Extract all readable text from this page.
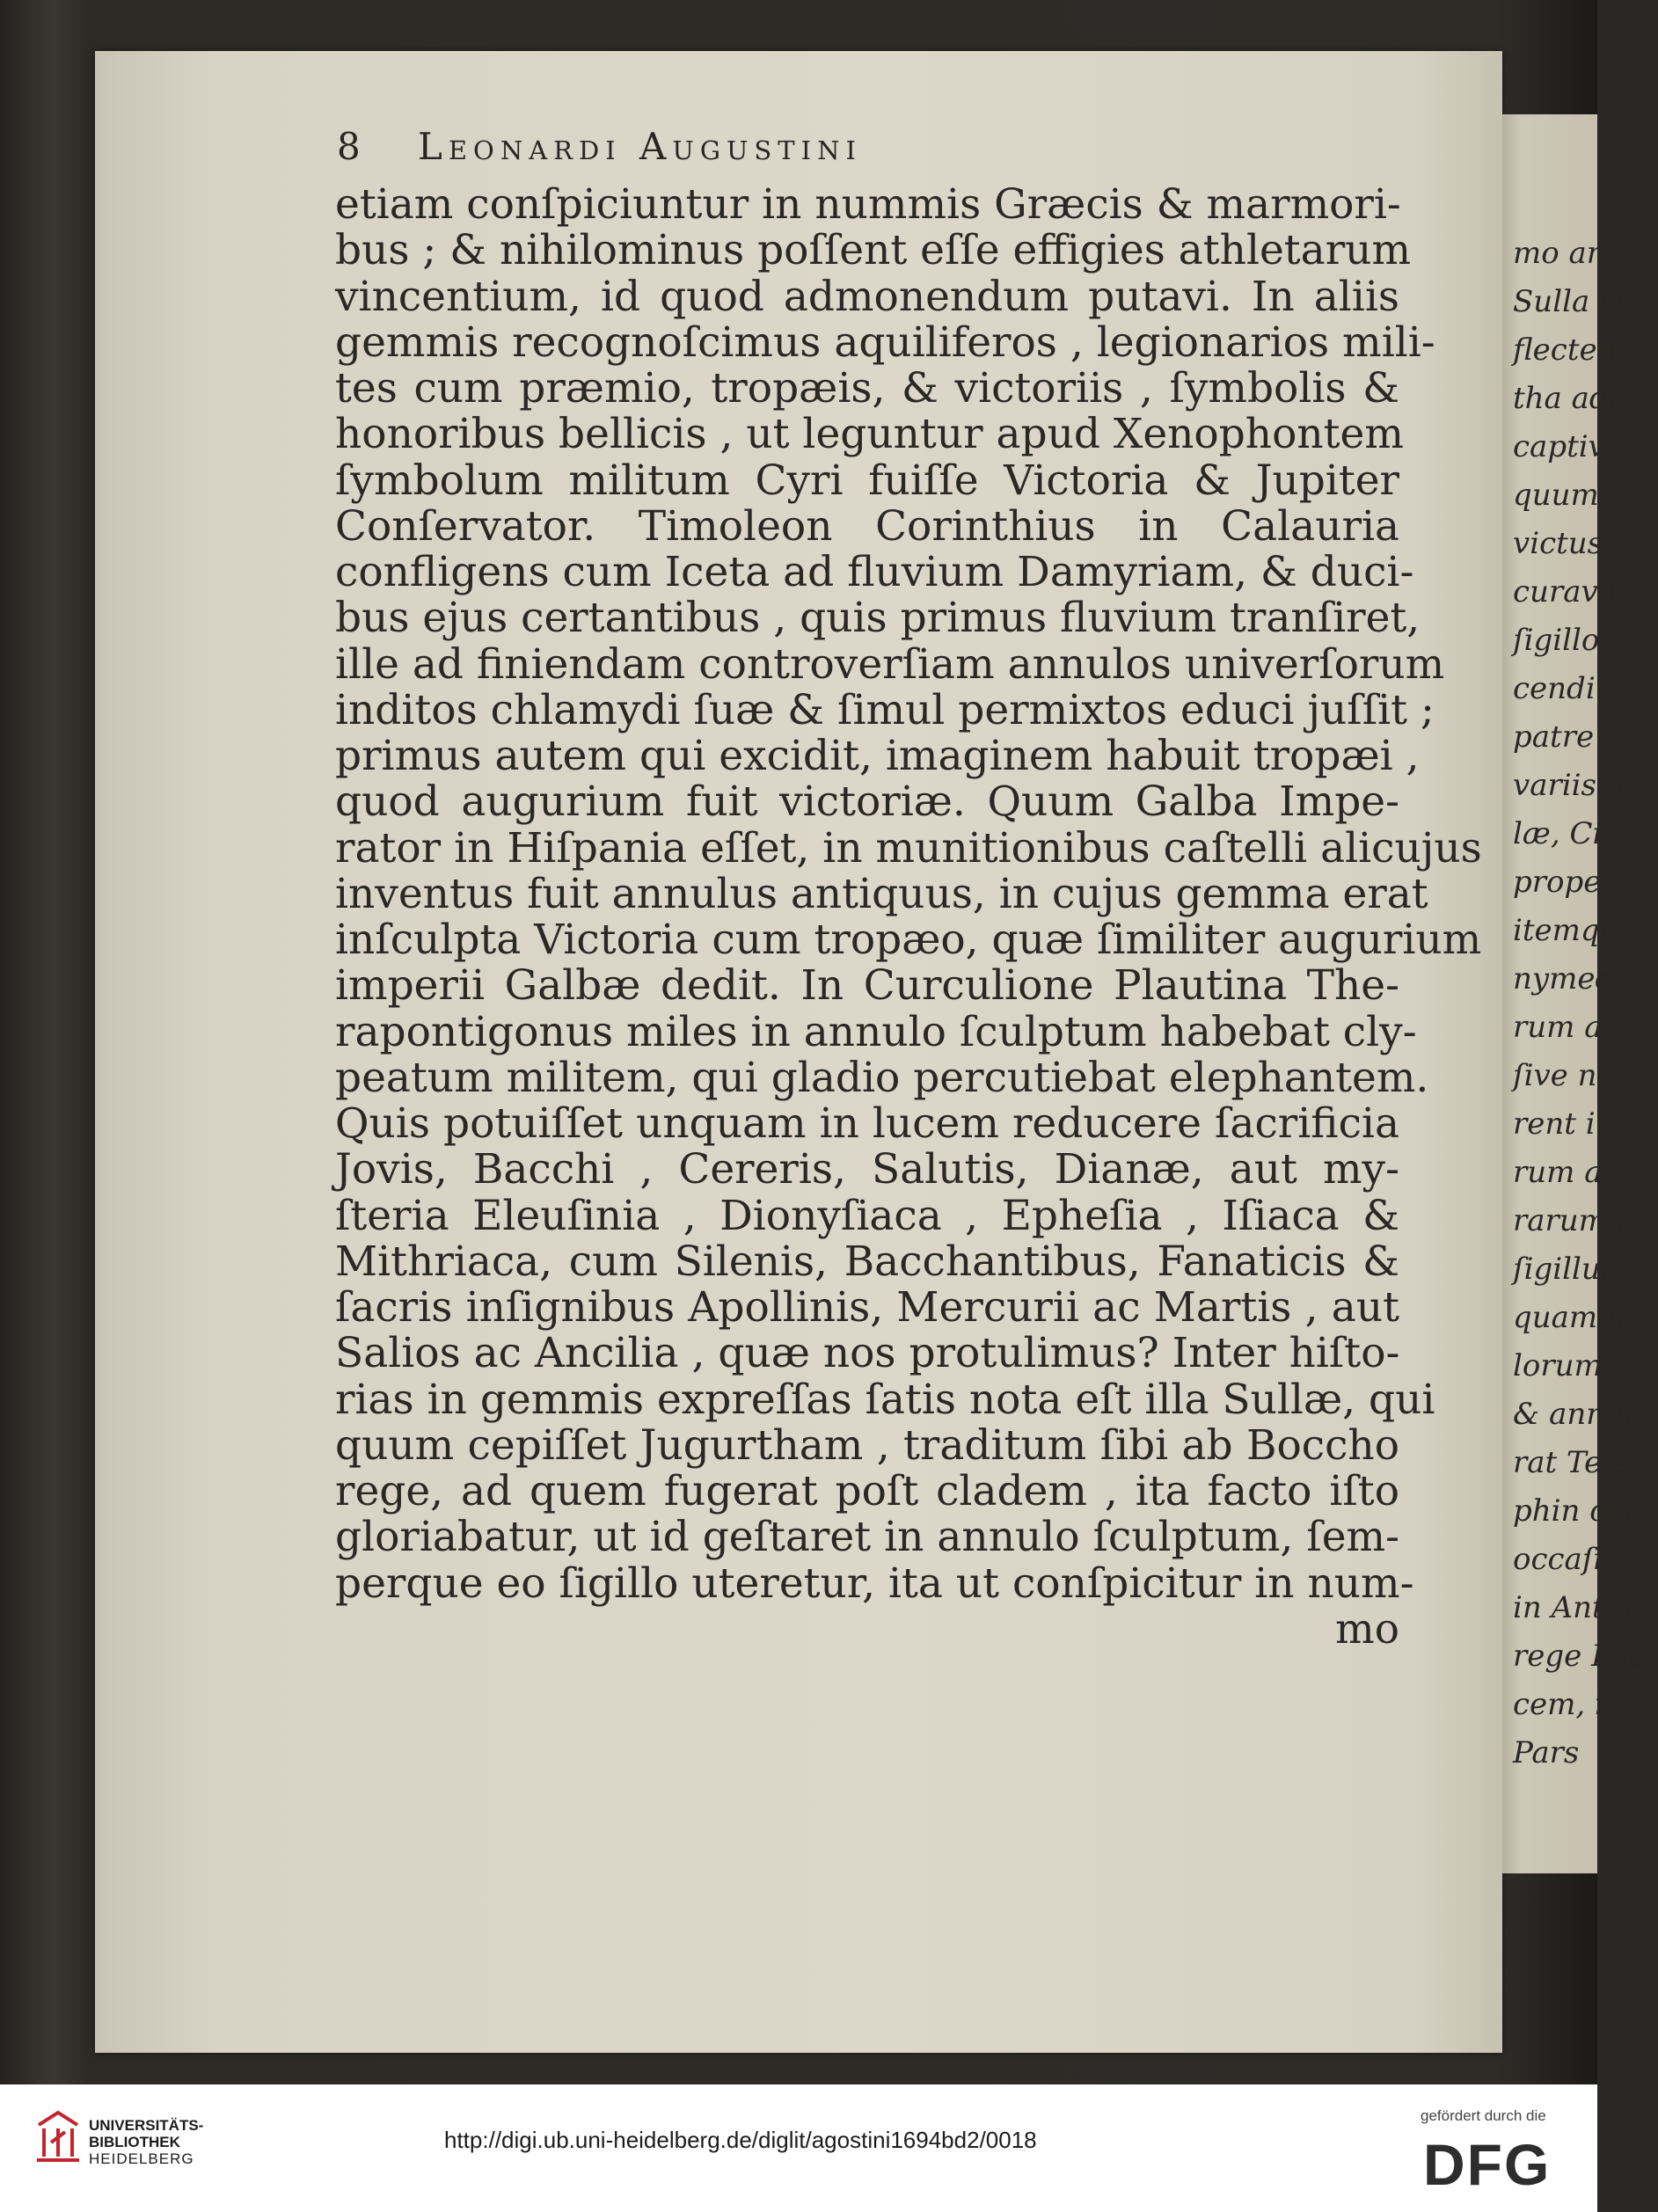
mo arg
Sulla Q
flectens
tha adl
captivi.
quum
victus f
curavit
ſigillo
cendiq
patre ej
variis m
læ, Ci
prope t
itemque
nymede
rum adſ
ſive natu
rent int
rum auc
rarum i
ſigillum
quam in
lorum,
& annul
rat Tele
phin occ
occaſione
in Antiq
rege Lac
cem, in
Pars
8 Leonardi Augustini
etiam conſpiciuntur in nummis Græcis & marmori-
bus ; & nihilominus poſſent eſſe effigies athletarum
vincentium, id quod admonendum putavi. In aliis
gemmis recognoſcimus aquiliferos , legionarios mili-
tes cum præmio, tropæis, & victoriis , ſymbolis &
honoribus bellicis , ut leguntur apud Xenophontem
ſymbolum militum Cyri fuiſſe Victoria & Jupiter
Conſervator. Timoleon Corinthius in Calauria
confligens cum Iceta ad fluvium Damyriam, & duci-
bus ejus certantibus , quis primus fluvium tranſiret,
ille ad finiendam controverſiam annulos univerſorum
inditos chlamydi ſuæ & ſimul permixtos educi juſſit ;
primus autem qui excidit, imaginem habuit tropæi ,
quod augurium fuit victoriæ. Quum Galba Impe-
rator in Hiſpania eſſet, in munitionibus caſtelli alicujus
inventus fuit annulus antiquus, in cujus gemma erat
inſculpta Victoria cum tropæo, quæ ſimiliter augurium
imperii Galbæ dedit. In Curculione Plautina The-
rapontigonus miles in annulo ſculptum habebat cly-
peatum militem, qui gladio percutiebat elephantem.
Quis potuiſſet unquam in lucem reducere ſacrificia
Jovis, Bacchi , Cereris, Salutis, Dianæ, aut my-
ſteria Eleuſinia , Dionyſiaca , Epheſia , Iſiaca &
Mithriaca, cum Silenis, Bacchantibus, Fanaticis &
ſacris inſignibus Apollinis, Mercurii ac Martis , aut
Salios ac Ancilia , quæ nos protulimus? Inter hiſto-
rias in gemmis expreſſas ſatis nota eſt illa Sullæ, qui
quum cepiſſet Jugurtham , traditum ſibi ab Boccho
rege, ad quem fugerat poſt cladem , ita facto iſto
gloriabatur, ut id geſtaret in annulo ſculptum, ſem-
perque eo ſigillo uteretur, ita ut conſpicitur in num-
mo
UNIVERSITÄTS-
BIBLIOTHEK
HEIDELBERG
http://digi.ub.uni-heidelberg.de/diglit/agostini1694bd2/0018
gefördert durch die
DFG
